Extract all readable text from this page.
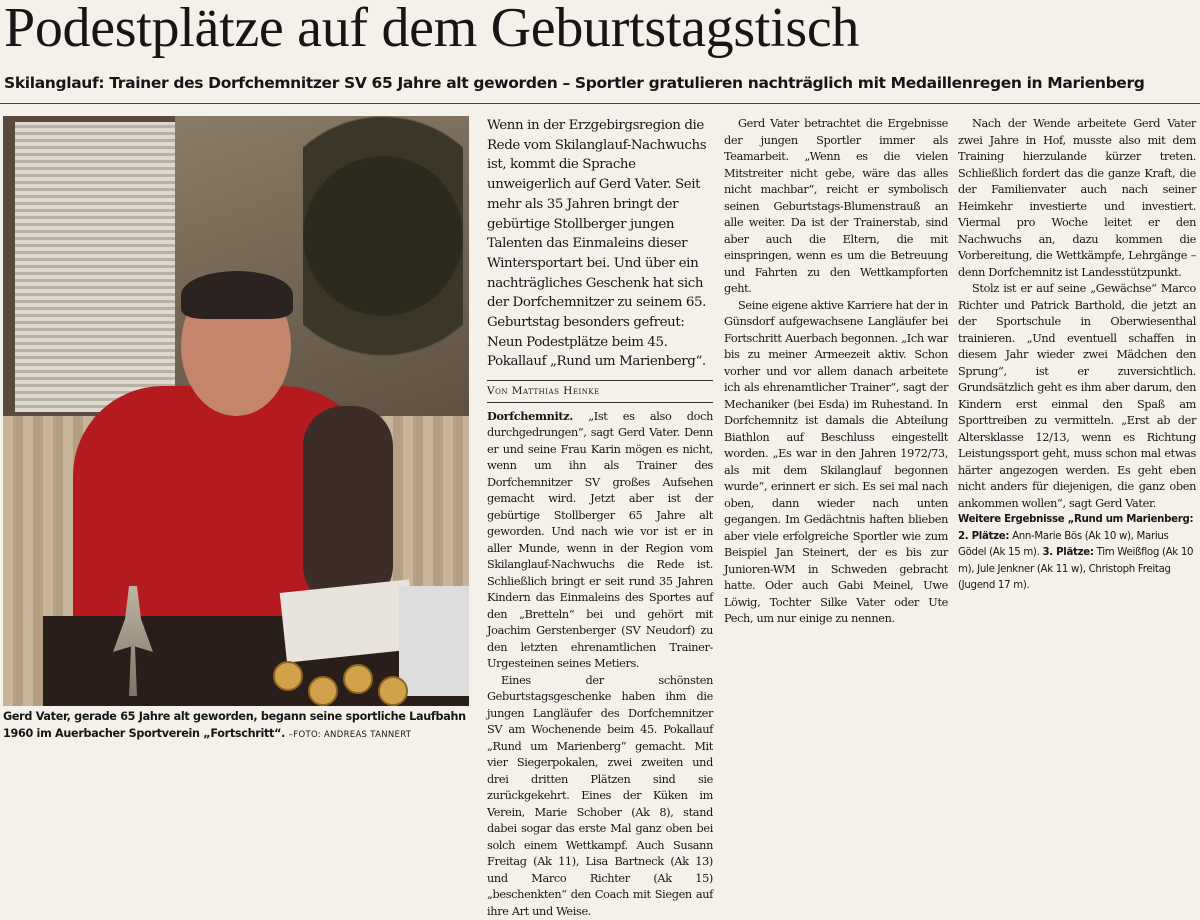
Podestplätze auf dem Geburtstagstisch
Skilanglauf: Trainer des Dorfchemnitzer SV 65 Jahre alt geworden – Sportler gratulieren nachträglich mit Medaillenregen in Marienberg

Gerd Vater, gerade 65 Jahre alt geworden, begann seine sportliche Laufbahn 1960 im Auerbacher Sportverein „Fortschritt“. –FOTO: ANDREAS TANNERT

Wenn in der Erzgebirgsregion die Rede vom Skilanglauf-Nachwuchs ist, kommt die Sprache unweigerlich auf Gerd Vater. Seit mehr als 35 Jahren bringt der gebürtige Stollberger jungen Talenten das Einmaleins dieser Wintersportart bei. Und über ein nachträgliches Geschenk hat sich der Dorfchemnitzer zu seinem 65. Geburtstag besonders gefreut: Neun Podestplätze beim 45. Pokallauf „Rund um Marienberg“.

Von Matthias Heinke

Dorfchemnitz. „Ist es also doch durchgedrungen“, sagt Gerd Vater. Denn er und seine Frau Karin mögen es nicht, wenn um ihn als Trainer des Dorfchemnitzer SV großes Aufsehen gemacht wird. Jetzt aber ist der gebürtige Stollberger 65 Jahre alt geworden. Und nach wie vor ist er in aller Munde, wenn in der Region vom Skilanglauf-Nachwuchs die Rede ist. Schließlich bringt er seit rund 35 Jahren Kindern das Einmaleins des Sportes auf den „Bretteln“ bei und gehört mit Joachim Gerstenberger (SV Neudorf) zu den letzten ehrenamtlichen Trainer-Urgesteinen seines Metiers.

Eines der schönsten Geburtstagsgeschenke haben ihm die jungen Langläufer des Dorfchemnitzer SV am Wochenende beim 45. Pokallauf „Rund um Marienberg“ gemacht. Mit vier Siegerpokalen, zwei zweiten und drei dritten Plätzen sind sie zurückgekehrt. Eines der Küken im Verein, Marie Schober (Ak 8), stand dabei sogar das erste Mal ganz oben bei solch einem Wettkampf. Auch Susann Freitag (Ak 11), Lisa Bartneck (Ak 13) und Marco Richter (Ak 15) „beschenkten“ den Coach mit Siegen auf ihre Art und Weise.

Gerd Vater betrachtet die Ergebnisse der jungen Sportler immer als Teamarbeit. „Wenn es die vielen Mitstreiter nicht gebe, wäre das alles nicht machbar“, reicht er symbolisch seinen Geburtstags-Blumenstrauß an alle weiter. Da ist der Trainerstab, sind aber auch die Eltern, die mit einspringen, wenn es um die Betreuung und Fahrten zu den Wettkampforten geht.

Seine eigene aktive Karriere hat der in Günsdorf aufgewachsene Langläufer bei Fortschritt Auerbach begonnen. „Ich war bis zu meiner Armeezeit aktiv. Schon vorher und vor allem danach arbeitete ich als ehrenamtlicher Trainer“, sagt der Mechaniker (bei Esda) im Ruhestand. In Dorfchemnitz ist damals die Abteilung Biathlon auf Beschluss eingestellt worden. „Es war in den Jahren 1972/73, als mit dem Skilanglauf begonnen wurde“, erinnert er sich. Es sei mal nach oben, dann wieder nach unten gegangen. Im Gedächtnis haften blieben aber viele erfolgreiche Sportler wie zum Beispiel Jan Steinert, der es bis zur Junioren-WM in Schweden gebracht hatte. Oder auch Gabi Meinel, Uwe Löwig, Tochter Silke Vater oder Ute Pech, um nur einige zu nennen.

Nach der Wende arbeitete Gerd Vater zwei Jahre in Hof, musste also mit dem Training hierzulande kürzer treten. Schließlich fordert das die ganze Kraft, die der Familienvater auch nach seiner Heimkehr investierte und investiert. Viermal pro Woche leitet er den Nachwuchs an, dazu kommen die Vorbereitung, die Wettkämpfe, Lehrgänge – denn Dorfchemnitz ist Landesstützpunkt.

Stolz ist er auf seine „Gewächse“ Marco Richter und Patrick Barthold, die jetzt an der Sportschule in Oberwiesenthal trainieren. „Und eventuell schaffen in diesem Jahr wieder zwei Mädchen den Sprung“, ist er zuversichtlich. Grundsätzlich geht es ihm aber darum, den Kindern erst einmal den Spaß am Sporttreiben zu vermitteln. „Erst ab der Altersklasse 12/13, wenn es Richtung Leistungssport geht, muss schon mal etwas härter angezogen werden. Es geht eben nicht anders für diejenigen, die ganz oben ankommen wollen“, sagt Gerd Vater.

Weitere Ergebnisse „Rund um Marienberg: 2. Plätze: Ann-Marie Bös (Ak 10 w), Marius Gödel (Ak 15 m). 3. Plätze: Tim Weißflog (Ak 10 m), Jule Jenkner (Ak 11 w), Christoph Freitag (Jugend 17 m).
